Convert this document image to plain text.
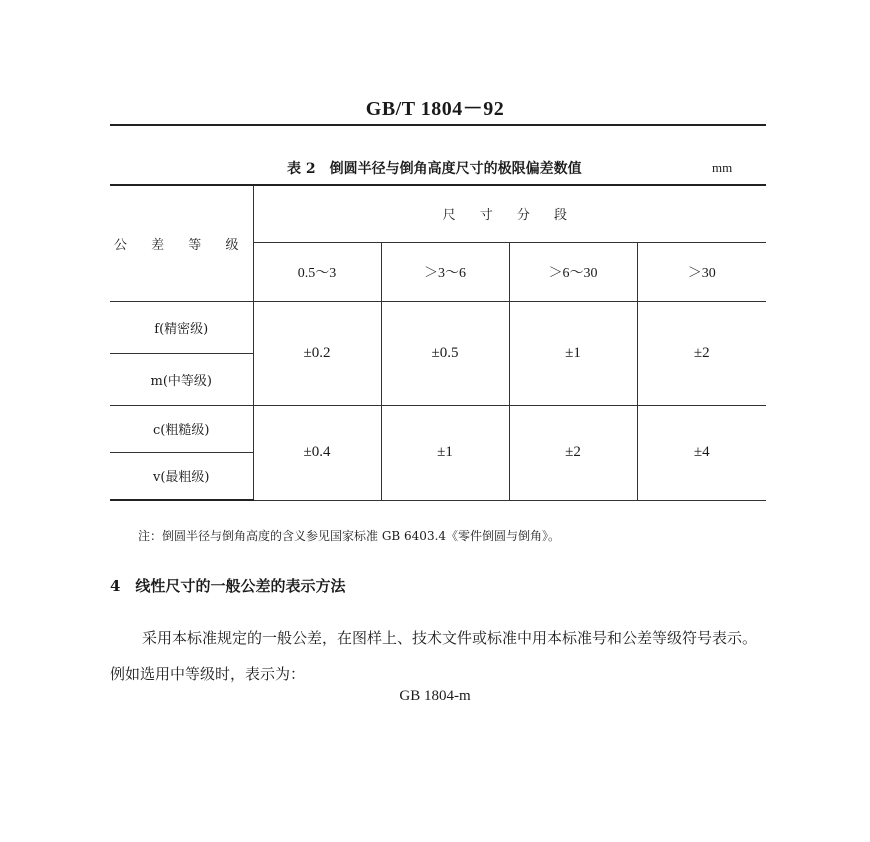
GB/T 1804－92
表 2　倒圆半径与倒角高度尺寸的极限偏差数值	mm
公 差 等 级	尺 寸 分 段			
	0.5～3	＞3～6	＞6～30	＞30
f(精密级)	±0.2	±0.5	±1	±2
m(中等级)				
c(粗糙级)	±0.4	±1	±2	±4
v(最粗级)				
注：倒圆半径与倒角高度的含义参见国家标准 GB 6403.4《零件倒圆与倒角》。
4　线性尺寸的一般公差的表示方法
采用本标准规定的一般公差，在图样上、技术文件或标准中用本标准号和公差等级符号表示。例如选用中等级时，表示为：
GB 1804-m
